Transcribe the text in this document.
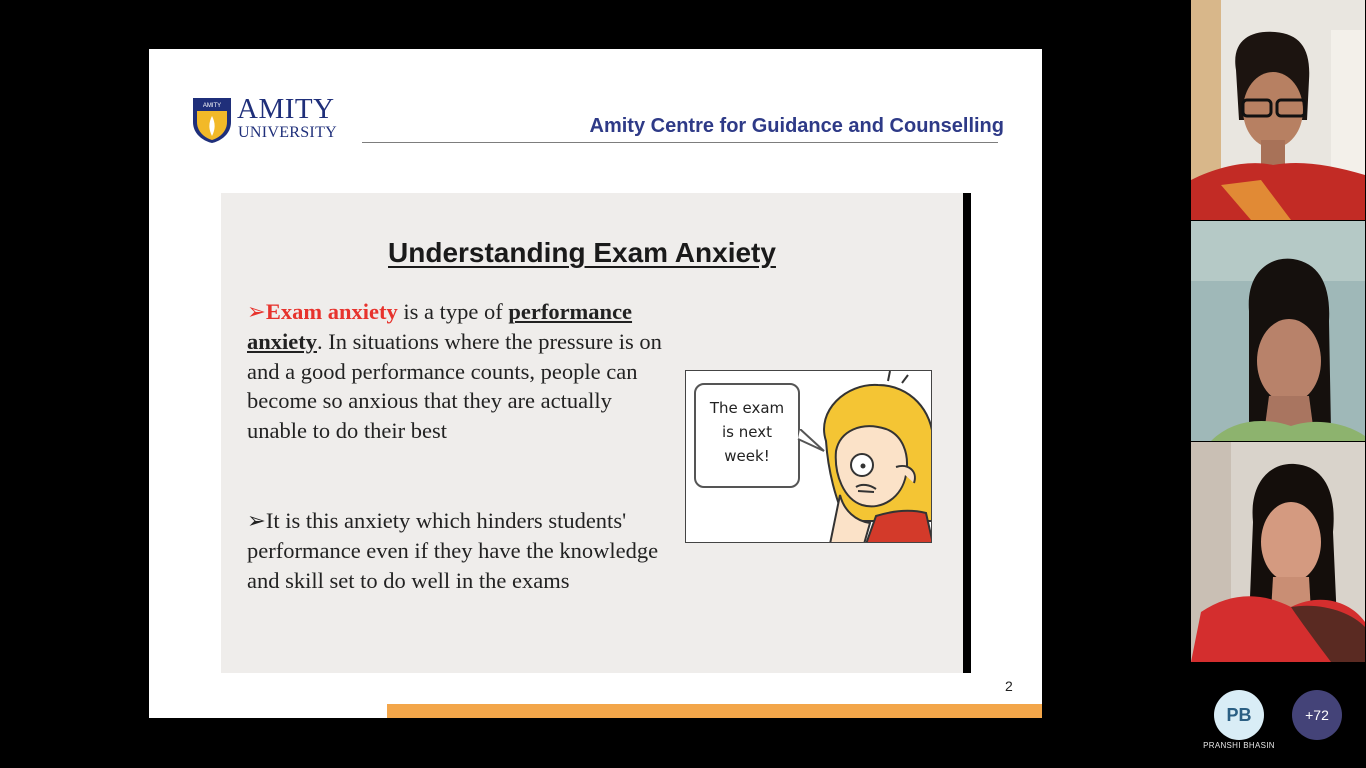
AMITY AMITY
UNIVERSITY	Amity Centre for Guidance and Counselling
Understanding Exam Anxiety
➢Exam anxiety is a type of performance anxiety. In situations where the pressure is on and a good performance counts, people can become so anxious that they are actually unable to do their best
➢It is this anxiety which hinders students' performance even if they have the knowledge and skill set to do well in the exams
The exam
is next
week!
2
PB
PRANSHI BHASIN
+72
